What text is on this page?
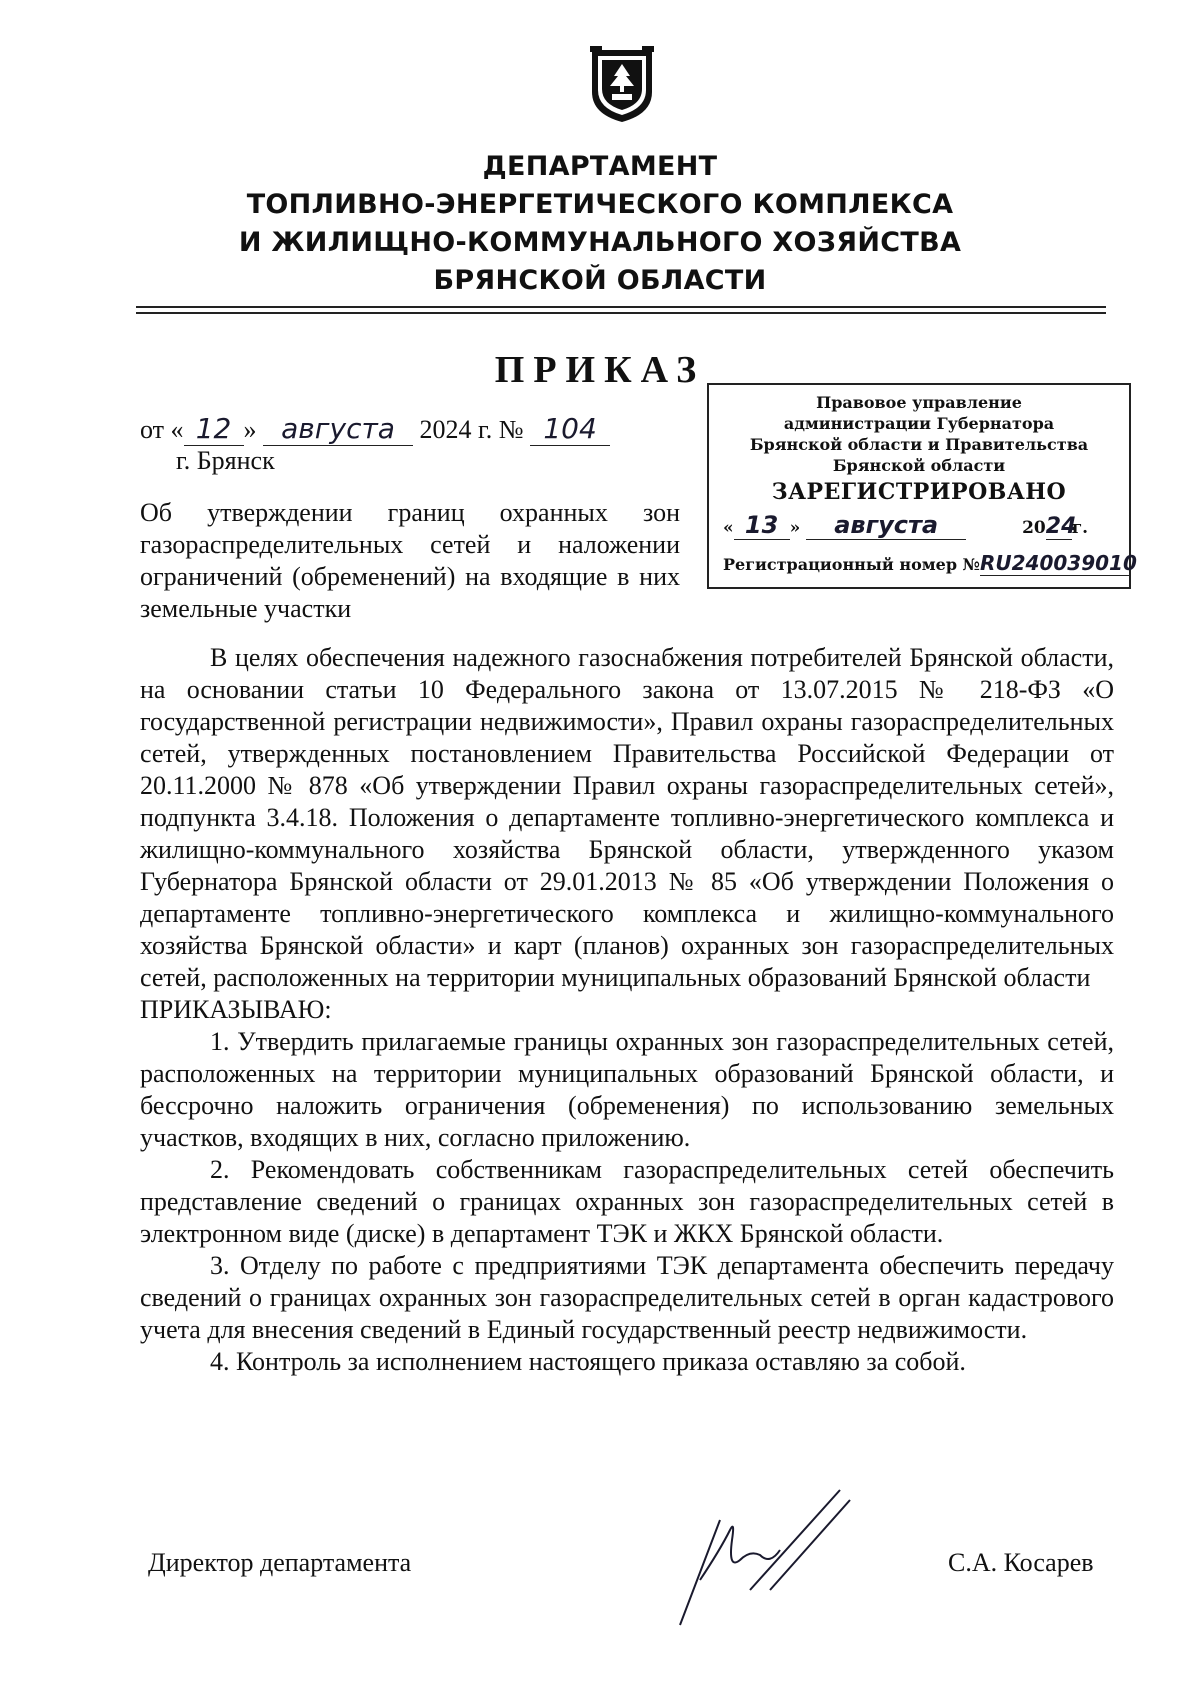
ДЕПАРТАМЕНТ
ТОПЛИВНО-ЭНЕРГЕТИЧЕСКОГО КОМПЛЕКСА
И ЖИЛИЩНО-КОММУНАЛЬНОГО ХОЗЯЙСТВА
БРЯНСКОЙ ОБЛАСТИ
ПРИКАЗ
от « 12 » августа 2024 г. № 104
г. Брянск
Об утверждении границ охранных зон газораспределительных сетей и наложении ограничений (обременений) на входящие в них земельные участки
Правовое управление
администрации Губернатора
Брянской области и Правительства
Брянской области
ЗАРЕГИСТРИРОВАНО
« 13 » августа	2024г.
Регистрационный номер №RU240039010

В целях обеспечения надежного газоснабжения потребителей Брянской области, на основании статьи 10 Федерального закона от 13.07.2015 № 218-ФЗ «О государственной регистрации недвижимости», Правил охраны газораспределительных сетей, утвержденных постановлением Правительства Российской Федерации от 20.11.2000 № 878 «Об утверждении Правил охраны газораспределительных сетей», подпункта 3.4.18. Положения о департаменте топливно-энергетического комплекса и жилищно-коммунального хозяйства Брянской области, утвержденного указом Губернатора Брянской области от 29.01.2013 № 85 «Об утверждении Положения о департаменте топливно-энергетического комплекса и жилищно-коммунального хозяйства Брянской области» и карт (планов) охранных зон газораспределительных сетей, расположенных на территории муниципальных образований Брянской области

ПРИКАЗЫВАЮ:

1. Утвердить прилагаемые границы охранных зон газораспределительных сетей, расположенных на территории муниципальных образований Брянской области, и бессрочно наложить ограничения (обременения) по использованию земельных участков, входящих в них, согласно приложению.

2. Рекомендовать собственникам газораспределительных сетей обеспечить представление сведений о границах охранных зон газораспределительных сетей в электронном виде (диске) в департамент ТЭК и ЖКХ Брянской области.

3. Отделу по работе с предприятиями ТЭК департамента обеспечить передачу сведений о границах охранных зон газораспределительных сетей в орган кадастрового учета для внесения сведений в Единый государственный реестр недвижимости.

4. Контроль за исполнением настоящего приказа оставляю за собой.

Директор департамента	С.А. Косарев
